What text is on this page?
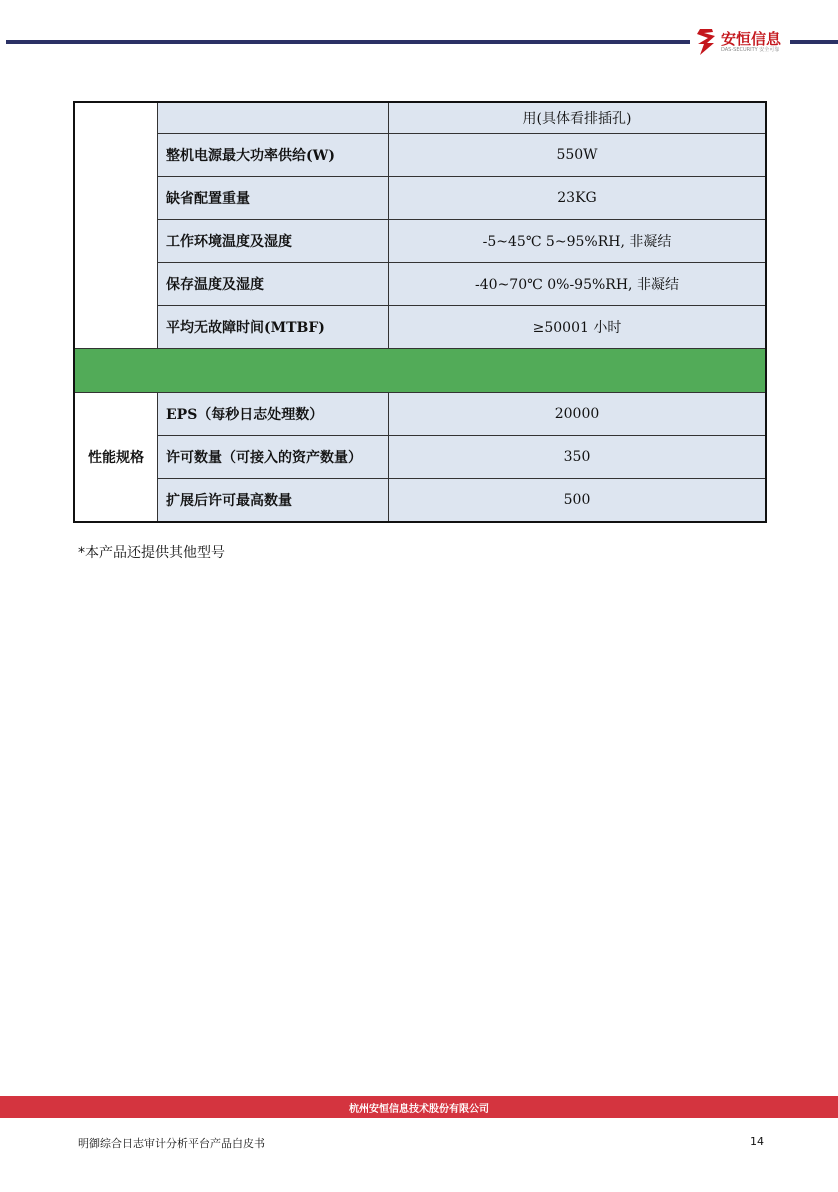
安恒信息
DAS-SECURITY 安全可靠
		用(具体看排插孔)
	整机电源最大功率供给(W)	550W
	缺省配置重量	23KG
	工作环境温度及湿度	-5~45℃ 5~95%RH, 非凝结
	保存温度及湿度	-40~70℃ 0%-95%RH, 非凝结
	平均无故障时间(MTBF)	≥50001 小时

性能规格	EPS（每秒日志处理数）	20000
	许可数量（可接入的资产数量）	350
	扩展后许可最高数量	500
*本产品还提供其他型号
杭州安恒信息技术股份有限公司
明御综合日志审计分析平台产品白皮书	14
